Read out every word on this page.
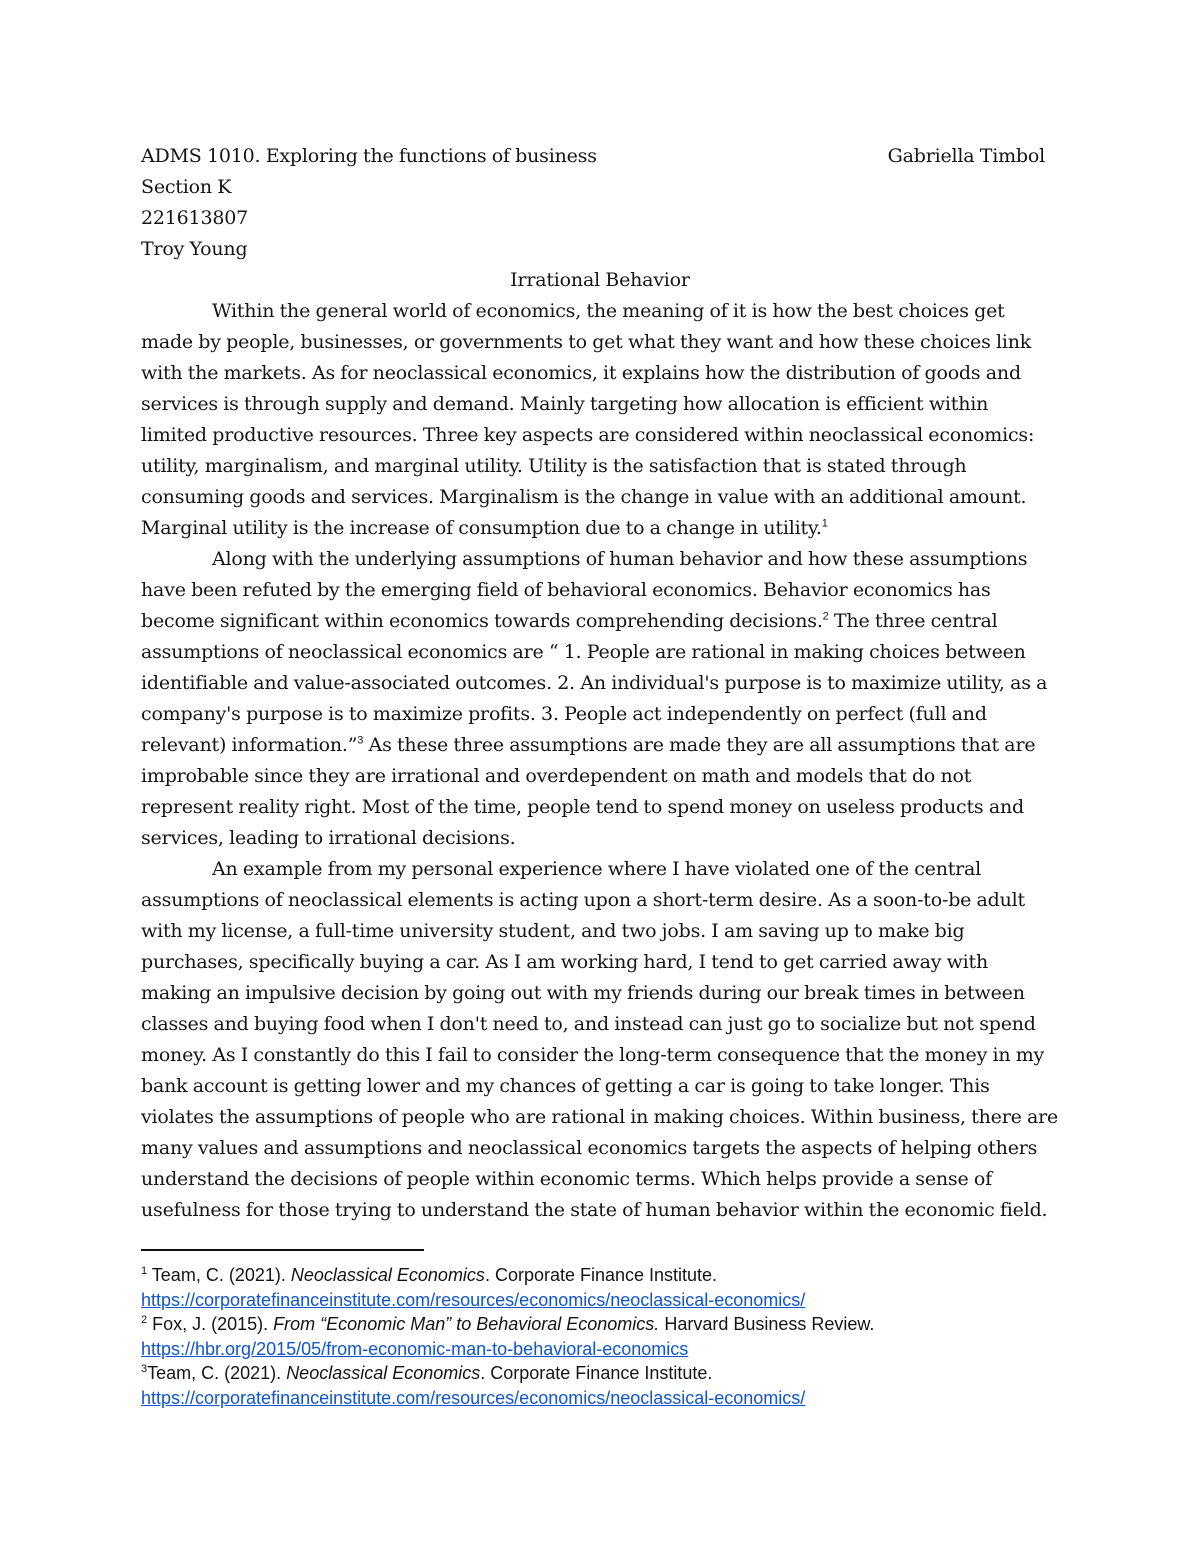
ADMS 1010. Exploring the functions of business	Gabriella Timbol
Section K
221613807
Troy Young

Irrational Behavior

Within the general world of economics, the meaning of it is how the best choices get made by people, businesses, or governments to get what they want and how these choices link with the markets. As for neoclassical economics, it explains how the distribution of goods and services is through supply and demand. Mainly targeting how allocation is efficient within limited productive resources. Three key aspects are considered within neoclassical economics: utility, marginalism, and marginal utility. Utility is the satisfaction that is stated through consuming goods and services. Marginalism is the change in value with an additional amount. Marginal utility is the increase of consumption due to a change in utility.$^1$

Along with the underlying assumptions of human behavior and how these assumptions have been refuted by the emerging field of behavioral economics. Behavior economics has become significant within economics towards comprehending decisions.$^2$ The three central assumptions of neoclassical economics are “ 1. People are rational in making choices between identifiable and value-associated outcomes. 2. An individual's purpose is to maximize utility, as a company's purpose is to maximize profits. 3. People act independently on perfect (full and relevant) information.”$^3$ As these three assumptions are made they are all assumptions that are improbable since they are irrational and overdependent on math and models that do not represent reality right. Most of the time, people tend to spend money on useless products and services, leading to irrational decisions.

An example from my personal experience where I have violated one of the central assumptions of neoclassical elements is acting upon a short-term desire. As a soon-to-be adult with my license, a full-time university student, and two jobs. I am saving up to make big purchases, specifically buying a car. As I am working hard, I tend to get carried away with making an impulsive decision by going out with my friends during our break times in between classes and buying food when I don't need to, and instead can just go to socialize but not spend money. As I constantly do this I fail to consider the long-term consequence that the money in my bank account is getting lower and my chances of getting a car is going to take longer. This violates the assumptions of people who are rational in making choices. Within business, there are many values and assumptions and neoclassical economics targets the aspects of helping others understand the decisions of people within economic terms. Which helps provide a sense of usefulness for those trying to understand the state of human behavior within the economic field.

$^1$ Team, C. (2021). Neoclassical Economics. Corporate Finance Institute.

https://corporatefinanceinstitute.com/resources/economics/neoclassical-economics/

$^2$ Fox, J. (2015). From “Economic Man” to Behavioral Economics. Harvard Business Review.

https://hbr.org/2015/05/from-economic-man-to-behavioral-economics

$^3$Team, C. (2021). Neoclassical Economics. Corporate Finance Institute.

https://corporatefinanceinstitute.com/resources/economics/neoclassical-economics/
